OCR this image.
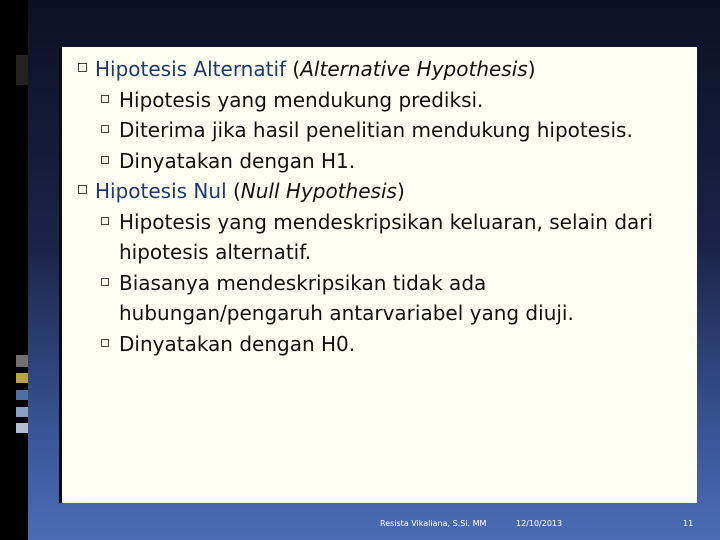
Hipotesis Alternatif (Alternative Hypothesis)
Hipotesis yang mendukung prediksi.
Diterima jika hasil penelitian mendukung hipotesis.
Dinyatakan dengan H1.
Hipotesis Nul (Null Hypothesis)
Hipotesis yang mendeskripsikan keluaran, selain dari hipotesis alternatif.
Biasanya mendeskripsikan tidak ada hubungan/pengaruh antarvariabel yang diuji.
Dinyatakan dengan H0.
Resista Vikaliana, S.Si. MM	12/10/2013	11
